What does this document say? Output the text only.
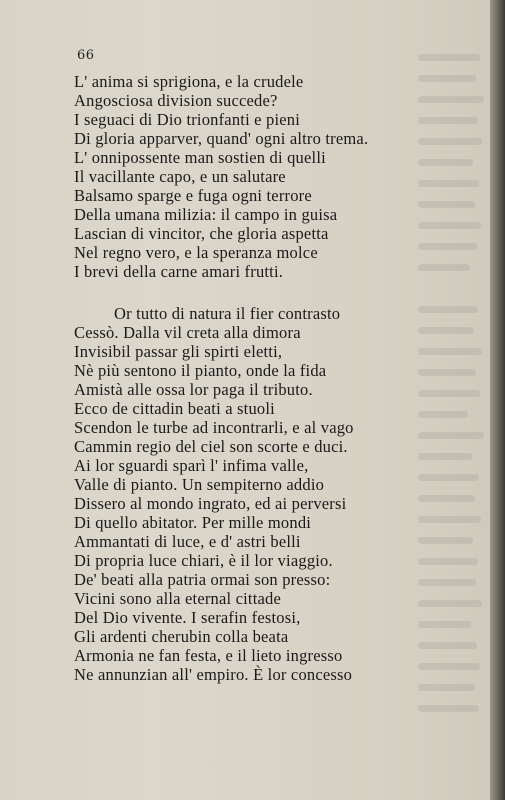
66
L' anima si sprigiona, e la crudele
Angosciosa division succede?
I seguaci di Dio trionfanti e pieni
Di gloria apparver, quand' ogni altro trema.
L' onnipossente man sostien di quelli
Il vacillante capo, e un salutare
Balsamo sparge e fuga ogni terrore
Della umana milizia: il campo in guisa
Lascian di vincitor, che gloria aspetta
Nel regno vero, e la speranza molce
I brevi della carne amari frutti.
Or tutto di natura il fier contrasto
Cessò. Dalla vil creta alla dimora
Invisibil passar gli spirti eletti,
Nè più sentono il pianto, onde la fida
Amistà alle ossa lor paga il tributo.
Ecco de cittadin beati a stuoli
Scendon le turbe ad incontrarli, e al vago
Cammin regio del ciel son scorte e duci.
Ai lor sguardi sparì l' infima valle,
Valle di pianto. Un sempiterno addio
Dissero al mondo ingrato, ed ai perversi
Di quello abitator. Per mille mondi
Ammantati di luce, e d' astri belli
Di propria luce chiari, è il lor viaggio.
De' beati alla patria ormai son presso:
Vicini sono alla eternal cittade
Del Dio vivente. I serafin festosi,
Gli ardenti cherubin colla beata
Armonia ne fan festa, e il lieto ingresso
Ne annunzian all' empiro. È lor concesso
